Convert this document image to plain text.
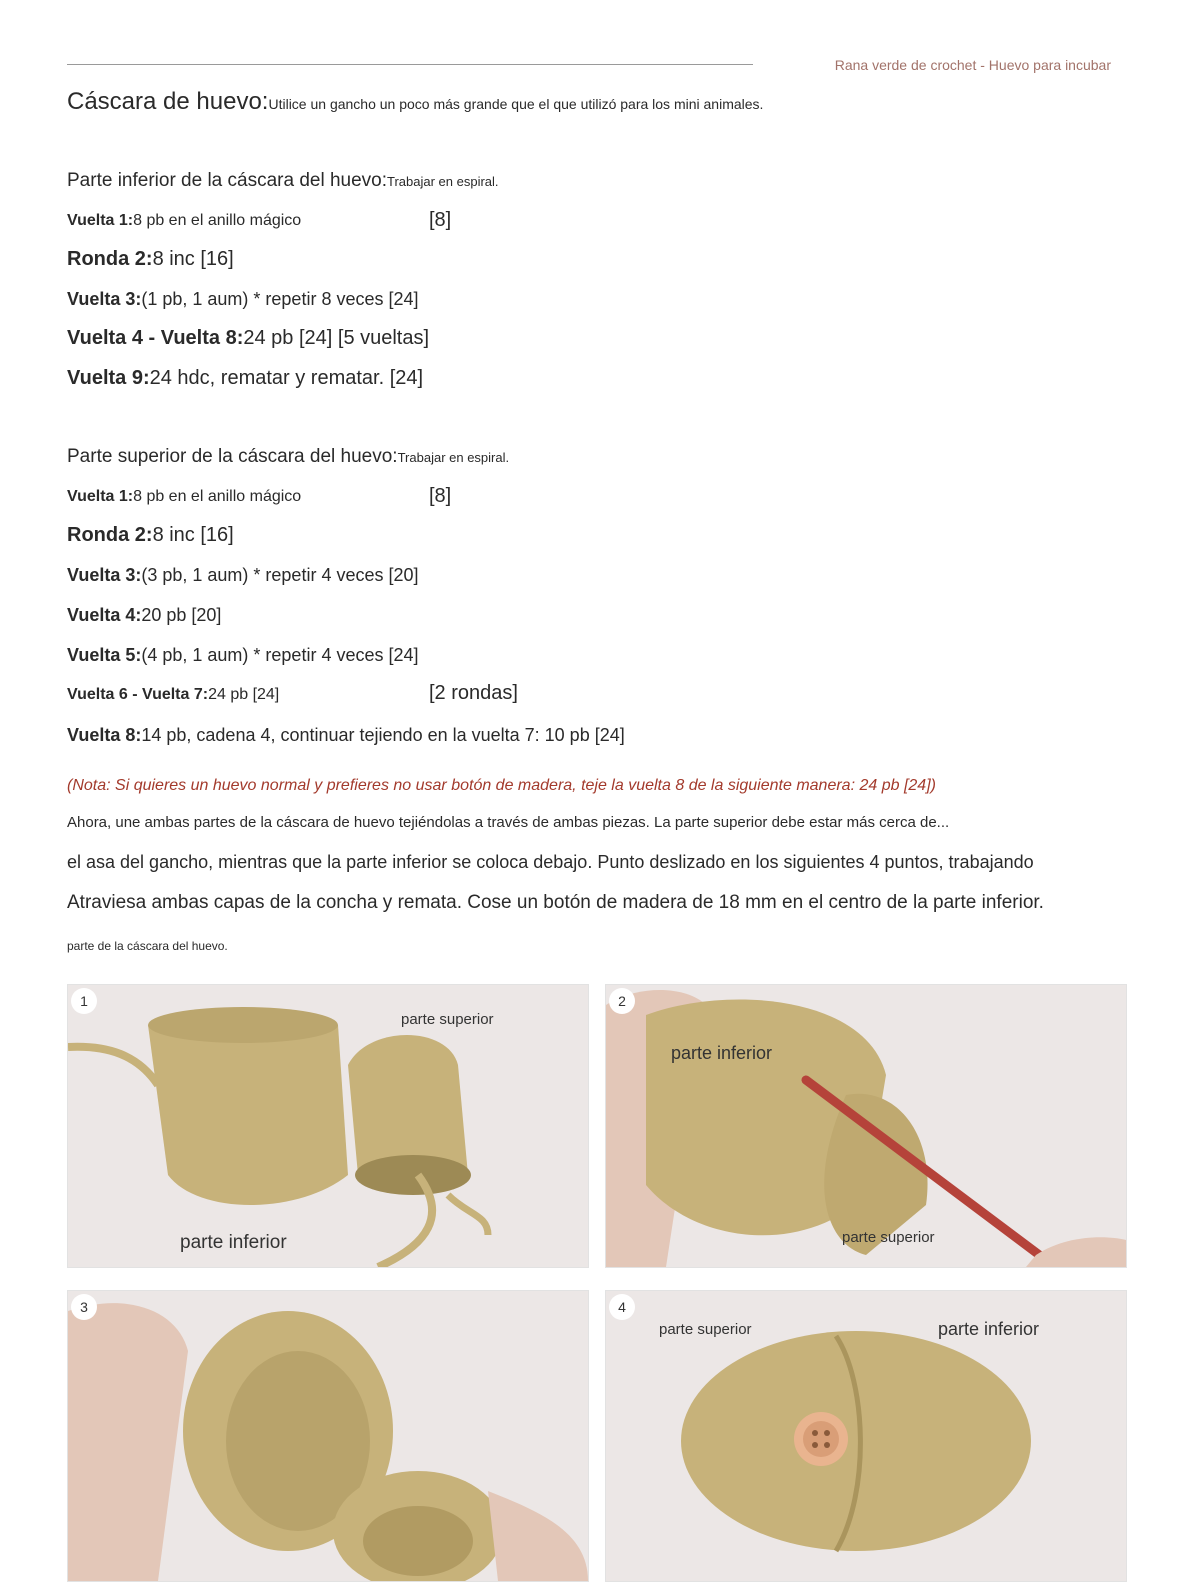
Rana verde de crochet - Huevo para incubar
Cáscara de huevo:Utilice un gancho un poco más grande que el que utilizó para los mini animales.
Parte inferior de la cáscara del huevo:Trabajar en espiral.
Vuelta 1:8 pb en el anillo mágico	[8]
Ronda 2:8 inc [16]
Vuelta 3:(1 pb, 1 aum) * repetir 8 veces [24]
Vuelta 4 - Vuelta 8:24 pb [24] [5 vueltas]
Vuelta 9:24 hdc, rematar y rematar. [24]
Parte superior de la cáscara del huevo:Trabajar en espiral.
Vuelta 1:8 pb en el anillo mágico	[8]
Ronda 2:8 inc [16]
Vuelta 3:(3 pb, 1 aum) * repetir 4 veces [20]
Vuelta 4:20 pb [20]
Vuelta 5:(4 pb, 1 aum) * repetir 4 veces [24]
Vuelta 6 - Vuelta 7:24 pb [24]	[2 rondas]
Vuelta 8:14 pb, cadena 4, continuar tejiendo en la vuelta 7: 10 pb [24]
(Nota: Si quieres un huevo normal y prefieres no usar botón de madera, teje la vuelta 8 de la siguiente manera: 24 pb [24])
Ahora, une ambas partes de la cáscara de huevo tejiéndolas a través de ambas piezas. La parte superior debe estar más cerca de...
el asa del gancho, mientras que la parte inferior se coloca debajo. Punto deslizado en los siguientes 4 puntos, trabajando
Atraviesa ambas capas de la concha y remata. Cose un botón de madera de 18 mm en el centro de la parte inferior.
parte de la cáscara del huevo.
1
parte superior
parte inferior
2
parte inferior
parte superior
3	4
parte superior	parte inferior
